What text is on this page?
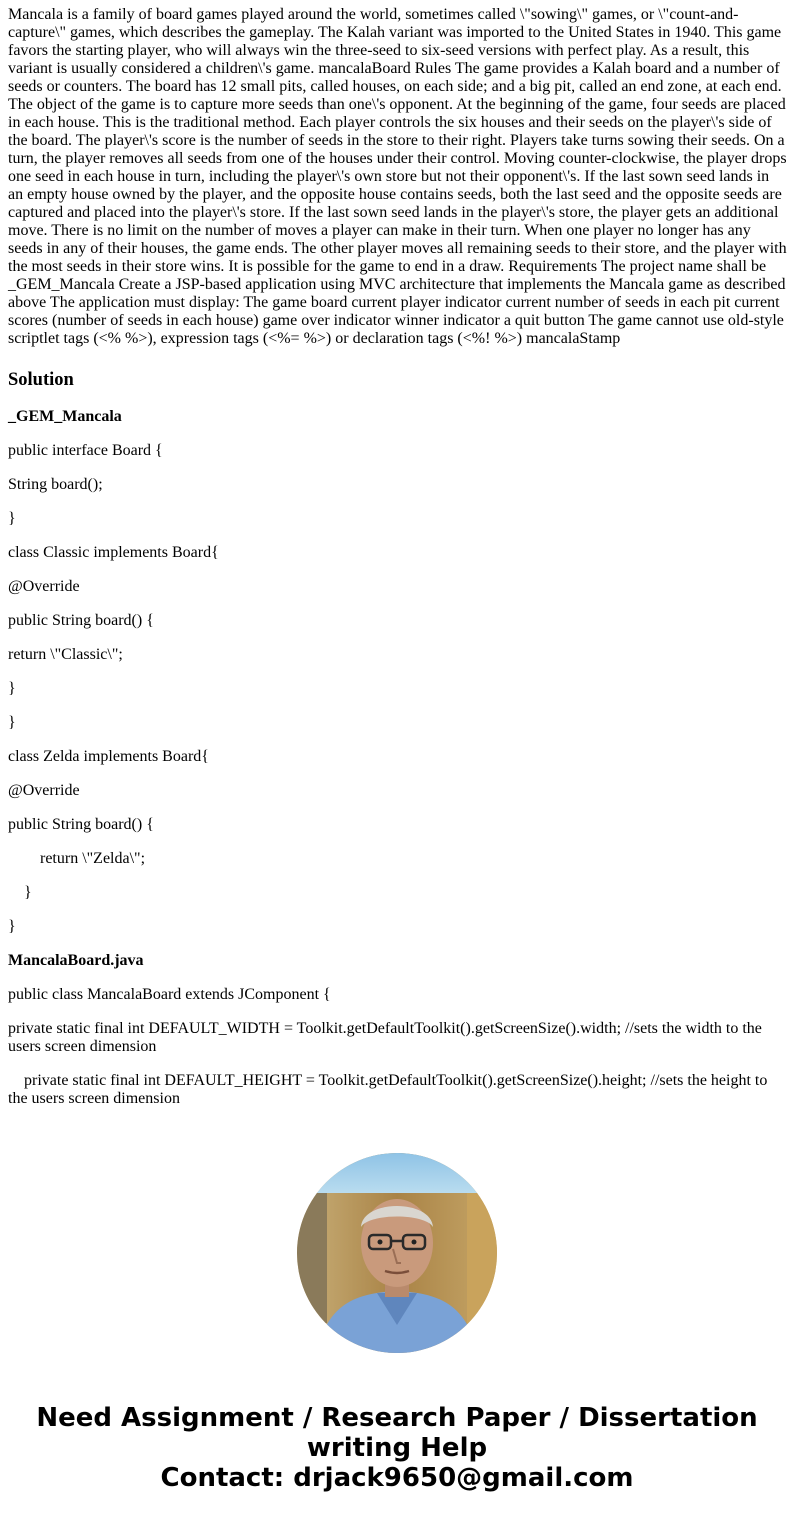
Mancala is a family of board games played around the world, sometimes called \"sowing\" games, or \"count-and-capture\" games, which describes the gameplay. The Kalah variant was imported to the United States in 1940. This game favors the starting player, who will always win the three-seed to six-seed versions with perfect play. As a result, this variant is usually considered a children\'s game. mancalaBoard Rules The game provides a Kalah board and a number of seeds or counters. The board has 12 small pits, called houses, on each side; and a big pit, called an end zone, at each end. The object of the game is to capture more seeds than one\'s opponent. At the beginning of the game, four seeds are placed in each house. This is the traditional method. Each player controls the six houses and their seeds on the player\'s side of the board. The player\'s score is the number of seeds in the store to their right. Players take turns sowing their seeds. On a turn, the player removes all seeds from one of the houses under their control. Moving counter-clockwise, the player drops one seed in each house in turn, including the player\'s own store but not their opponent\'s. If the last sown seed lands in an empty house owned by the player, and the opposite house contains seeds, both the last seed and the opposite seeds are captured and placed into the player\'s store. If the last sown seed lands in the player\'s store, the player gets an additional move. There is no limit on the number of moves a player can make in their turn. When one player no longer has any seeds in any of their houses, the game ends. The other player moves all remaining seeds to their store, and the player with the most seeds in their store wins. It is possible for the game to end in a draw. Requirements The project name shall be _GEM_Mancala Create a JSP-based application using MVC architecture that implements the Mancala game as described above The application must display: The game board current player indicator current number of seeds in each pit current scores (number of seeds in each house) game over indicator winner indicator a quit button The game cannot use old-style scriptlet tags (<% %>), expression tags (<%= %>) or declaration tags (<%! %>) mancalaStamp

Solution

_GEM_Mancala

public interface Board {

String board();

}

class Classic implements Board{

@Override

public String board() {

return \"Classic\";

}

}

class Zelda implements Board{

@Override

public String board() {

return \"Zelda\";

}

}

MancalaBoard.java

public class MancalaBoard extends JComponent {

private static final int DEFAULT_WIDTH = Toolkit.getDefaultToolkit().getScreenSize().width; //sets the width to the users screen dimension

private static final int DEFAULT_HEIGHT = Toolkit.getDefaultToolkit().getScreenSize().height; //sets the height to the users screen dimension

Need Assignment / Research Paper / Dissertation
writing Help
Contact: drjack9650@gmail.com
